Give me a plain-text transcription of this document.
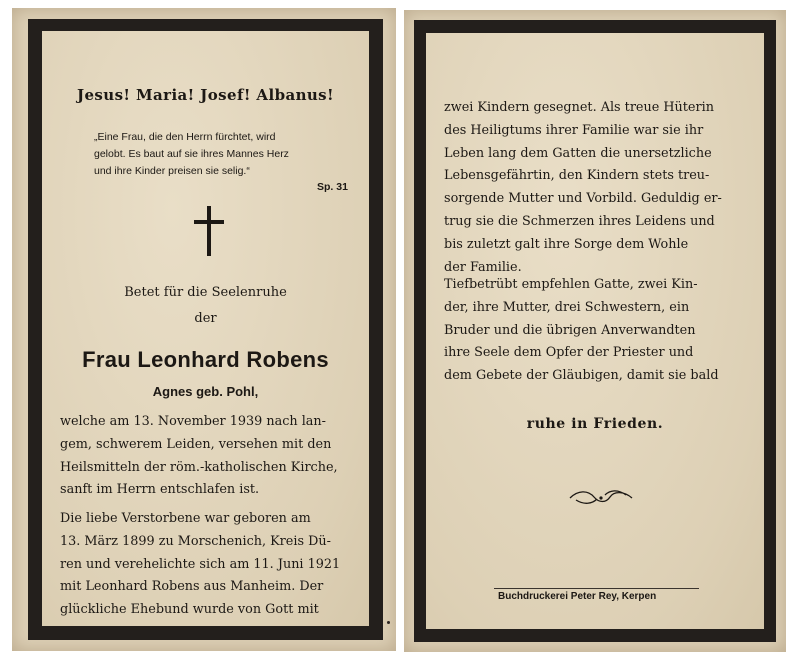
Jesus! Maria! Josef! Albanus!
„Eine Frau, die den Herrn fürchtet, wird
gelobt. Es baut auf sie ihres Mannes Herz
und ihre Kinder preisen sie selig.“
Sp. 31
Betet für die Seelenruhe
der
Frau Leonhard Robens
Agnes geb. Pohl,
welche am 13. November 1939 nach lan-
gem, schwerem Leiden, versehen mit den
Heilsmitteln der röm.-katholischen Kirche,
sanft im Herrn entschlafen ist.
Die liebe Verstorbene war geboren am
13. März 1899 zu Morschenich, Kreis Dü-
ren und verehelichte sich am 11. Juni 1921
mit Leonhard Robens aus Manheim. Der
glückliche Ehebund wurde von Gott mit
zwei Kindern gesegnet. Als treue Hüterin
des Heiligtums ihrer Familie war sie ihr
Leben lang dem Gatten die unersetzliche
Lebensgefährtin, den Kindern stets treu-
sorgende Mutter und Vorbild. Geduldig er-
trug sie die Schmerzen ihres Leidens und
bis zuletzt galt ihre Sorge dem Wohle
der Familie.
Tiefbetrübt empfehlen Gatte, zwei Kin-
der, ihre Mutter, drei Schwestern, ein
Bruder und die übrigen Anverwandten
ihre Seele dem Opfer der Priester und
dem Gebete der Gläubigen, damit sie bald
ruhe in Frieden.
Buchdruckerei Peter Rey, Kerpen
